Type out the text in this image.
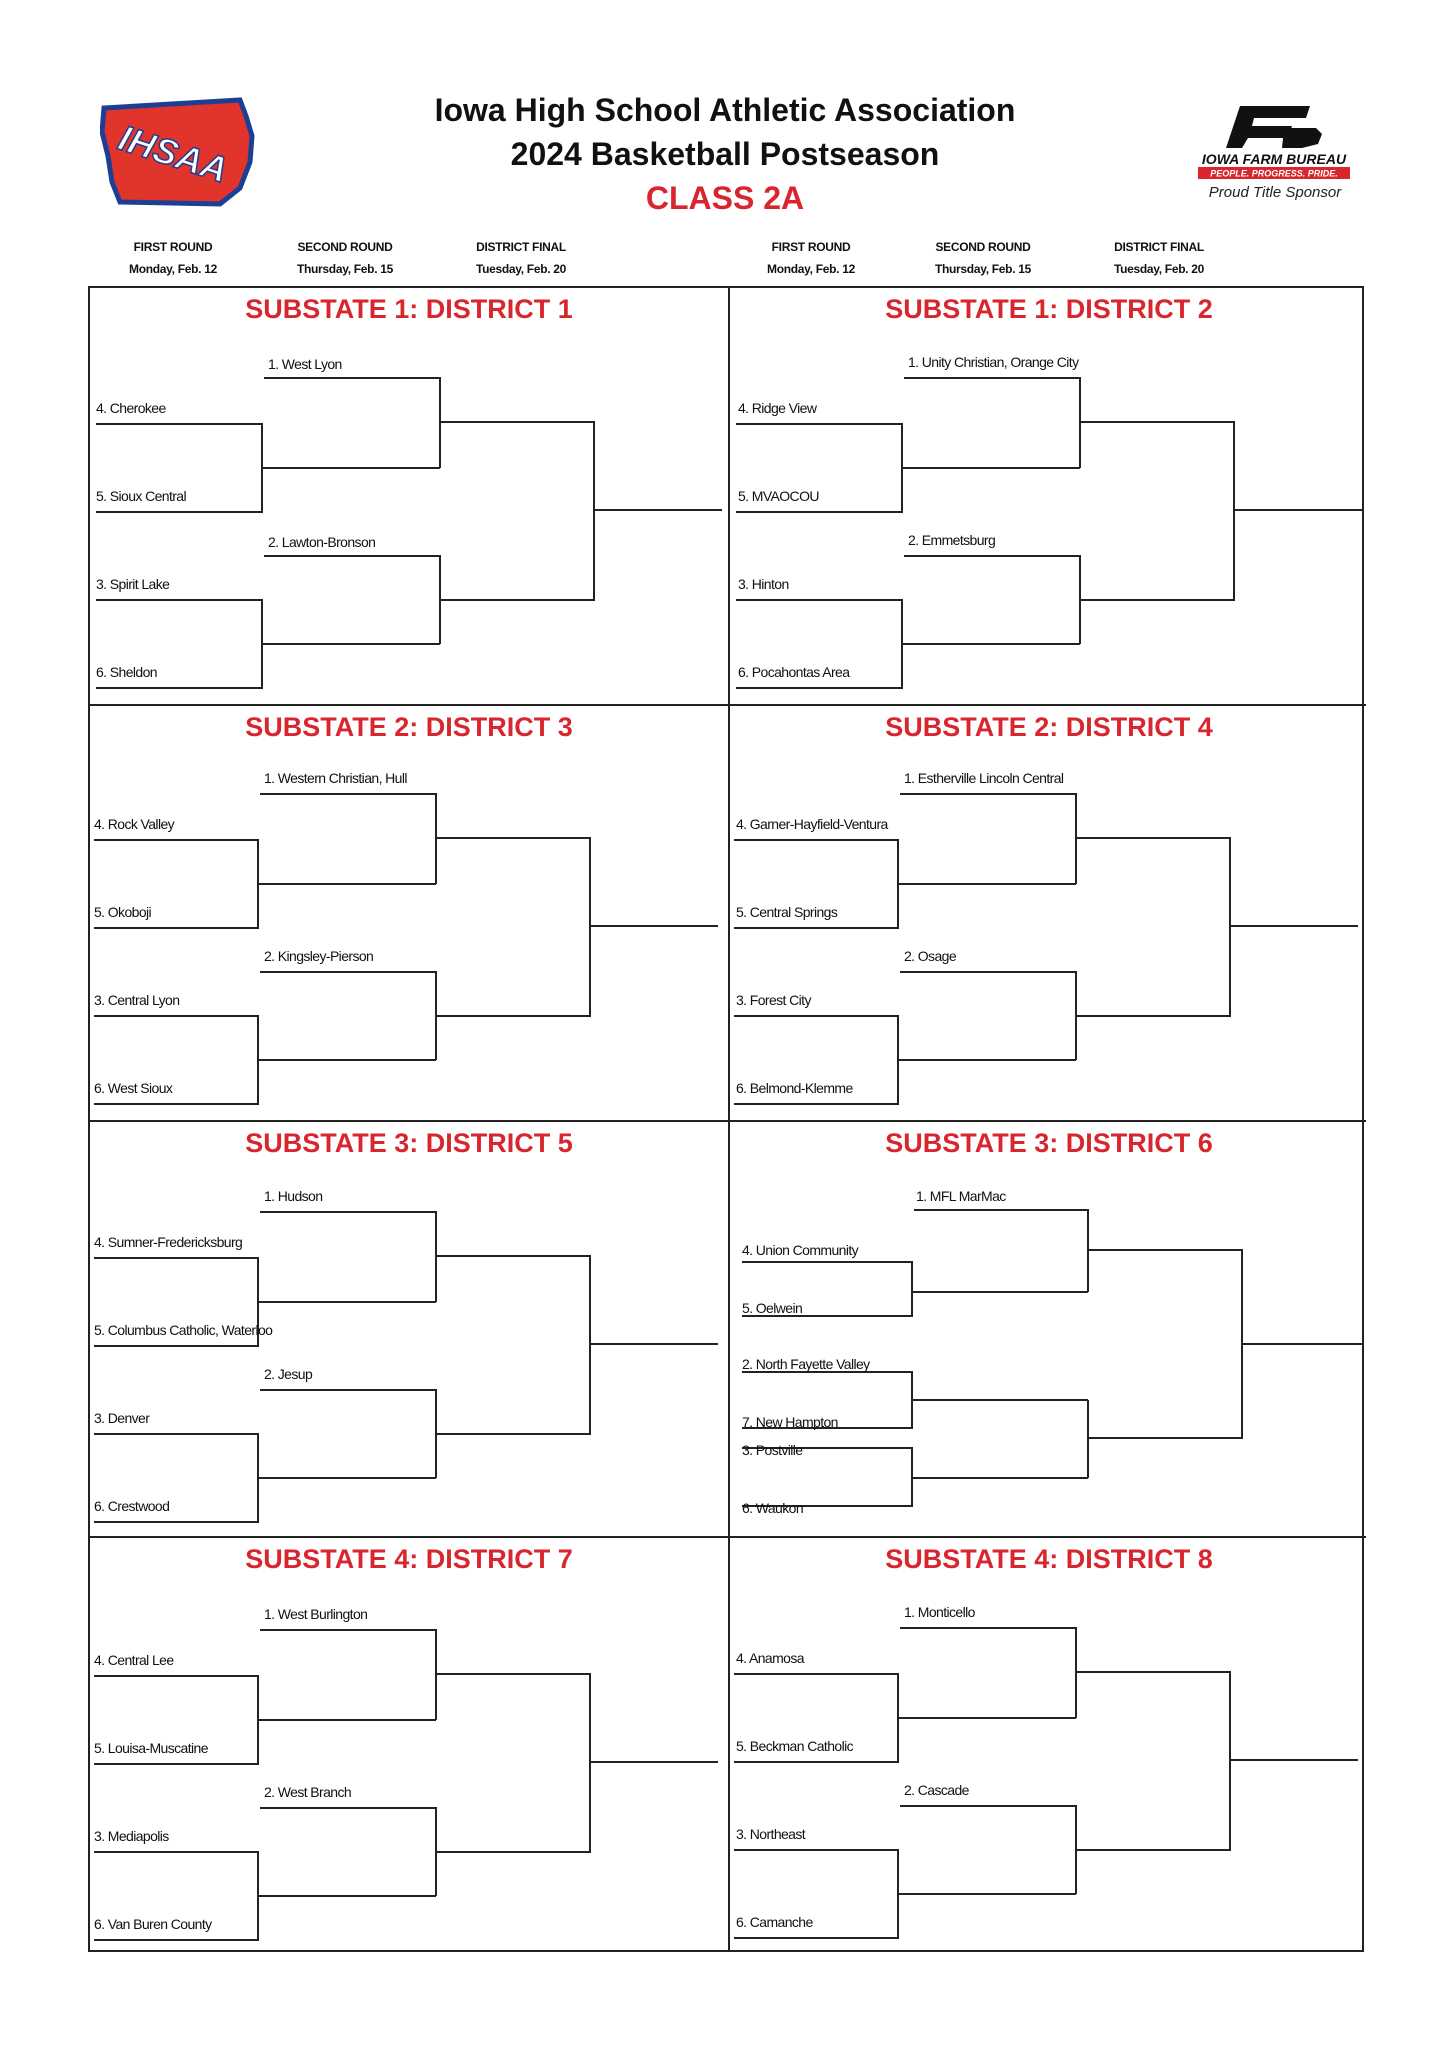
IHSAA
Iowa High School Athletic Association
2024 Basketball Postseason
CLASS 2A
IOWA FARM BUREAU
PEOPLE. PROGRESS. PRIDE.
Proud Title Sponsor
FIRST ROUND
Monday, Feb. 12
SECOND ROUND
Thursday, Feb. 15
DISTRICT FINAL
Tuesday, Feb. 20
FIRST ROUND
Monday, Feb. 12
SECOND ROUND
Thursday, Feb. 15
DISTRICT FINAL
Tuesday, Feb. 20
SUBSTATE 1: DISTRICT 1
1. West Lyon
2. Lawton-Bronson
4. Cherokee
5. Sioux Central
3. Spirit Lake
6. Sheldon
SUBSTATE 1: DISTRICT 2
1. Unity Christian, Orange City
2. Emmetsburg
4. Ridge View
5. MVAOCOU
3. Hinton
6. Pocahontas Area
SUBSTATE 2: DISTRICT 3
1. Western Christian, Hull
2. Kingsley-Pierson
4. Rock Valley
5. Okoboji
3. Central Lyon
6. West Sioux
SUBSTATE 2: DISTRICT 4
1. Estherville Lincoln Central
2. Osage
4. Garner-Hayfield-Ventura
5. Central Springs
3. Forest City
6. Belmond-Klemme
SUBSTATE 3: DISTRICT 5
1. Hudson
2. Jesup
4. Sumner-Fredericksburg
5. Columbus Catholic, Waterloo
3. Denver
6. Crestwood
SUBSTATE 3: DISTRICT 6
1. MFL MarMac
4. Union Community
5. Oelwein
2. North Fayette Valley
7. New Hampton
3. Postville
6. Waukon
SUBSTATE 4: DISTRICT 7
1. West Burlington
2. West Branch
4. Central Lee
5. Louisa-Muscatine
3. Mediapolis
6. Van Buren County
SUBSTATE 4: DISTRICT 8
1. Monticello
2. Cascade
4. Anamosa
5. Beckman Catholic
3. Northeast
6. Camanche
